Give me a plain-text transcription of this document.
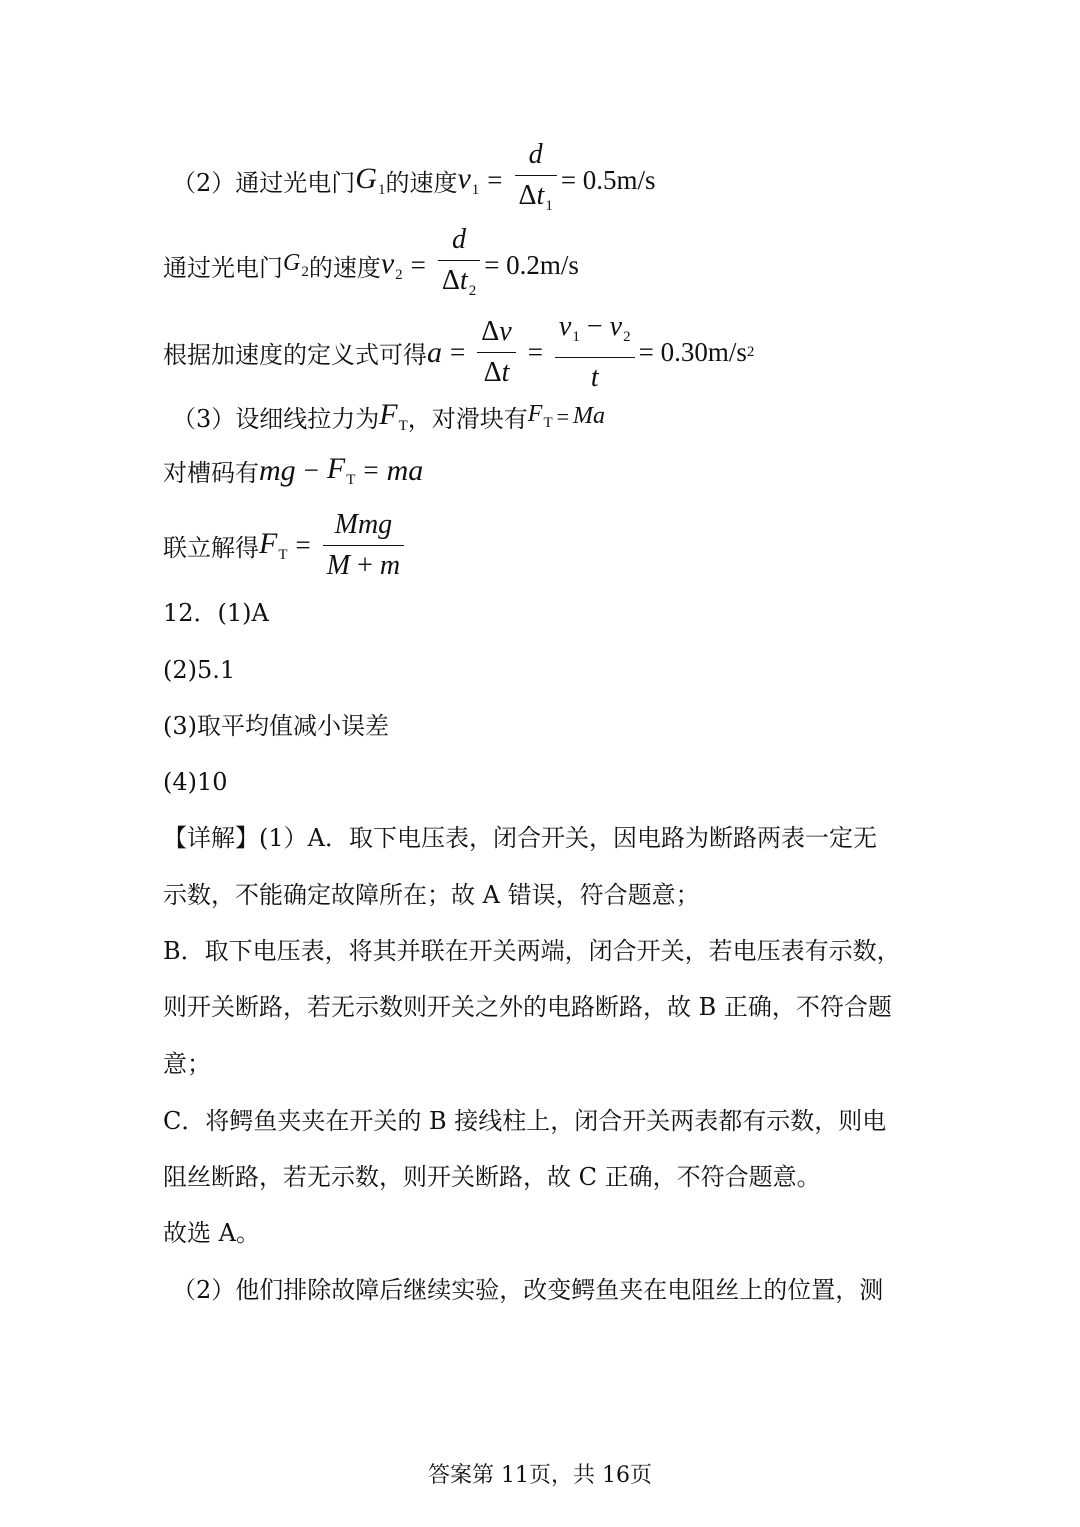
（2）通过光电门 $G_1$ 的速度 $v_1 = \frac{d}{\Delta t_1} = 0.5m/s$
通过光电门 $G_2$ 的速度 $v_2 = \frac{d}{\Delta t_2} = 0.2m/s$
根据加速度的定义式可得 $a = \frac{\Delta v}{\Delta t} = \frac{v_1 - v_2}{t} = 0.30m/s$ 2
（3）设细线拉力为 $F_T$ ，对滑块有 $F_T = Ma$
对槽码有 mg − $F_T$ = ma
联立解得 $F_T = \frac{\text{Mmg}}{M + m}$
12．(1)A
(2)5.1
(3)取平均值减小误差
(4)10
【详解】(1）A．取下电压表，闭合开关，因电路为断路两表一定无
示数，不能确定故障所在；故 A 错误，符合题意；
B．取下电压表，将其并联在开关两端，闭合开关，若电压表有示数，
则开关断路，若无示数则开关之外的电路断路，故 B 正确，不符合题
意；
C．将鳄鱼夹夹在开关的 B 接线柱上，闭合开关两表都有示数，则电
阻丝断路，若无示数，则开关断路，故 C 正确，不符合题意。
故选 A。
（2）他们排除故障后继续实验，改变鳄鱼夹在电阻丝上的位置，测
答案第 11页，共 16页
